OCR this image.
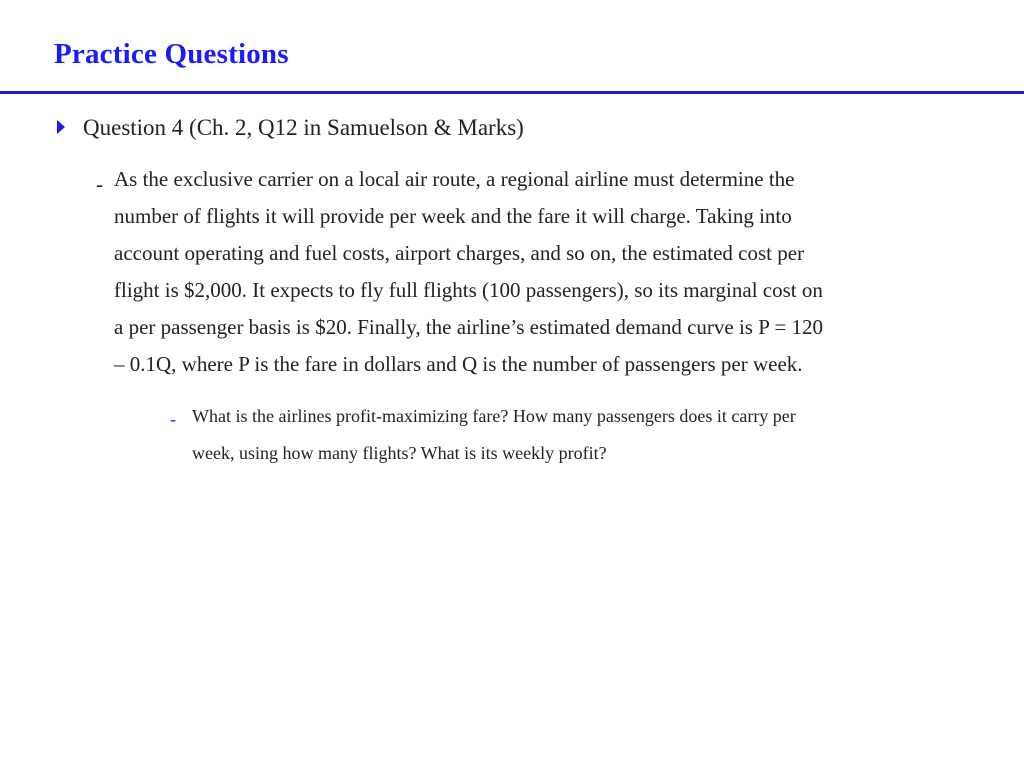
Practice Questions
Question 4 (Ch. 2, Q12 in Samuelson & Marks)
- As the exclusive carrier on a local air route, a regional airline must determine the
number of flights it will provide per week and the fare it will charge. Taking into
account operating and fuel costs, airport charges, and so on, the estimated cost per
flight is $2,000. It expects to fly full flights (100 passengers), so its marginal cost on
a per passenger basis is $20. Finally, the airline’s estimated demand curve is P = 120
– 0.1Q, where P is the fare in dollars and Q is the number of passengers per week.
- What is the airlines profit-maximizing fare? How many passengers does it carry per
week, using how many flights? What is its weekly profit?
